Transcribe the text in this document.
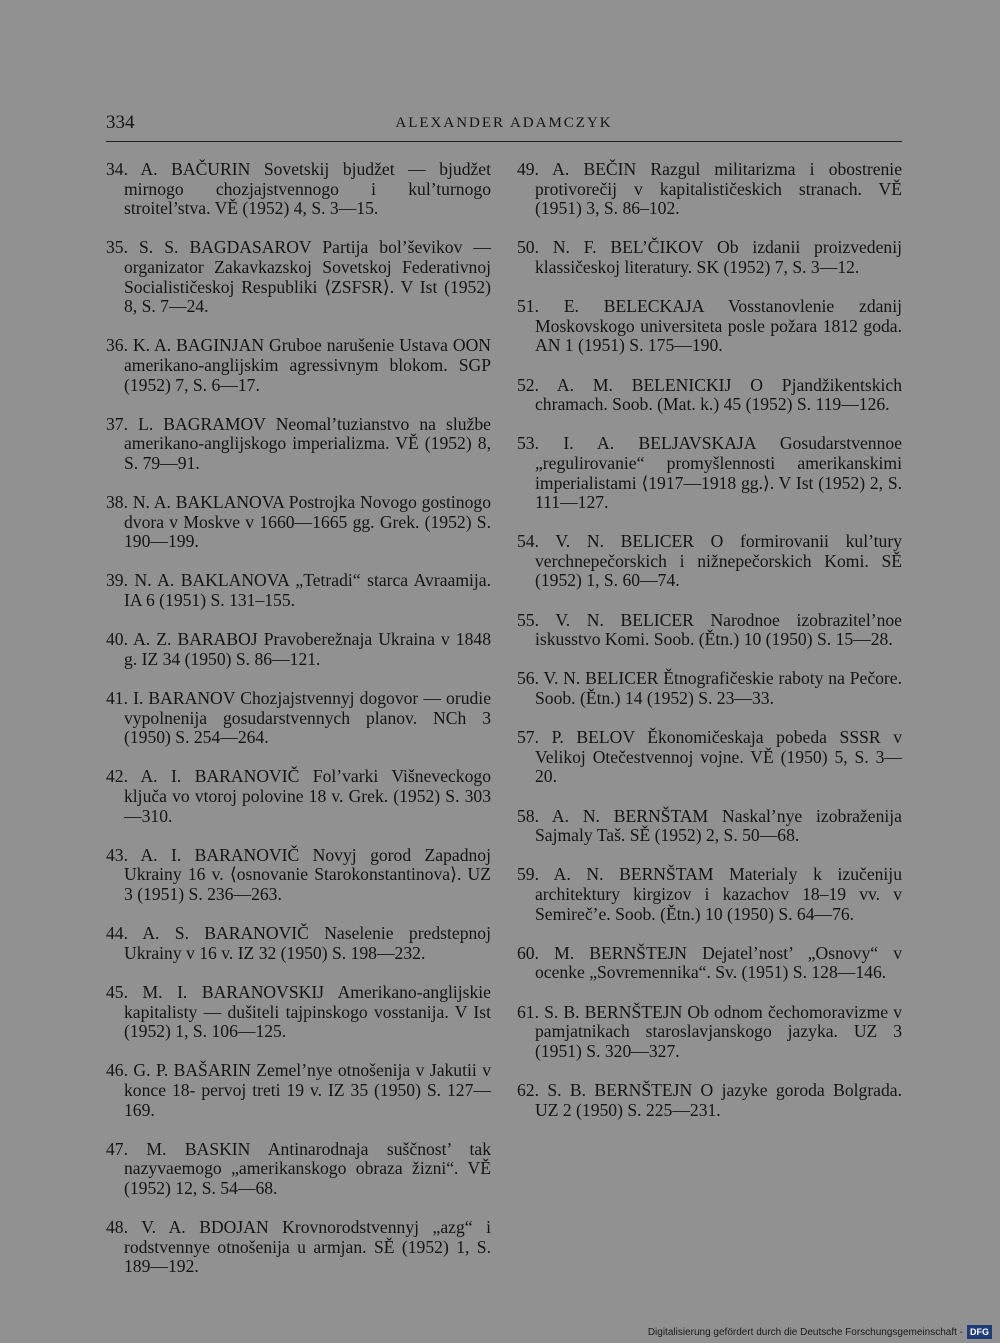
334	ALEXANDER ADAMCZYK

34. A. BAČURIN Sovetskij bjudžet — bjudžet mirnogo chozjajstvennogo i kul’turnogo stroitel’stva. VĚ (1952) 4, S. 3—15.

35. S. S. BAGDASAROV Partija bol’ševikov — organizator Zakavkazskoj Sovetskoj Federativnoj Socialističeskoj Respubliki ⟨ZSFSR⟩. V Ist (1952) 8, S. 7—24.

36. K. A. BAGINJAN Gruboe narušenie Ustava OON amerikano-anglijskim agressivnym blokom. SGP (1952) 7, S. 6—17.

37. L. BAGRAMOV Neomal’tuzianstvo na službe amerikano-anglijskogo imperializma. VĚ (1952) 8, S. 79—91.

38. N. A. BAKLANOVA Postrojka Novogo gostinogo dvora v Moskve v 1660—1665 gg. Grek. (1952) S. 190—199.

39. N. A. BAKLANOVA „Tetradi“ starca Avraamija. IA 6 (1951) S. 131–155.

40. A. Z. BARABOJ Pravoberežnaja Ukraina v 1848 g. IZ 34 (1950) S. 86—121.

41. I. BARANOV Chozjajstvennyj dogovor — orudie vypolnenija gosudarstvennych planov. NCh 3 (1950) S. 254—264.

42. A. I. BARANOVIČ Fol’varki Višneveckogo ključa vo vtoroj polovine 18 v. Grek. (1952) S. 303—310.

43. A. I. BARANOVIČ Novyj gorod Zapadnoj Ukrainy 16 v. ⟨osnovanie Starokonstantinova⟩. UZ 3 (1951) S. 236—263.

44. A. S. BARANOVIČ Naselenie predstepnoj Ukrainy v 16 v. IZ 32 (1950) S. 198—232.

45. M. I. BARANOVSKIJ Amerikano-anglijskie kapitalisty — dušiteli tajpinskogo vosstanija. V Ist (1952) 1, S. 106—125.

46. G. P. BAŠARIN Zemel’nye otnošenija v Jakutii v konce 18- pervoj treti 19 v. IZ 35 (1950) S. 127—169.

47. M. BASKIN Antinarodnaja suščnost’ tak nazyvaemogo „amerikanskogo obraza žizni“. VĚ (1952) 12, S. 54—68.

48. V. A. BDOJAN Krovnorodstvennyj „azg“ i rodstvennye otnošenija u armjan. SĚ (1952) 1, S. 189—192.

49. A. BEČIN Razgul militarizma i obostrenie protivorečij v kapitalističeskich stranach. VĚ (1951) 3, S. 86–102.

50. N. F. BEL’ČIKOV Ob izdanii proizvedenij klassičeskoj literatury. SK (1952) 7, S. 3—12.

51. E. BELECKAJA Vosstanovlenie zdanij Moskovskogo universiteta posle požara 1812 goda. AN 1 (1951) S. 175—190.

52. A. M. BELENICKIJ O Pjandžikentskich chramach. Soob. (Mat. k.) 45 (1952) S. 119—126.

53. I. A. BELJAVSKAJA Gosudarstvennoe „regulirovanie“ promyšlennosti amerikanskimi imperialistami ⟨1917—1918 gg.⟩. V Ist (1952) 2, S. 111—127.

54. V. N. BELICER O formirovanii kul’tury verchnepečorskich i nižnepečorskich Komi. SĚ (1952) 1, S. 60—74.

55. V. N. BELICER Narodnoe izobrazitel’noe iskusstvo Komi. Soob. (Ětn.) 10 (1950) S. 15—28.

56. V. N. BELICER Ětnografičeskie raboty na Pečore. Soob. (Ětn.) 14 (1952) S. 23—33.

57. P. BELOV Ěkonomičeskaja pobeda SSSR v Velikoj Otečestvennoj vojne. VĚ (1950) 5, S. 3—20.

58. A. N. BERNŠTAM Naskal’nye izobraženija Sajmaly Taš. SĚ (1952) 2, S. 50—68.

59. A. N. BERNŠTAM Materialy k izučeniju architektury kirgizov i kazachov 18–19 vv. v Semireč’e. Soob. (Ětn.) 10 (1950) S. 64—76.

60. M. BERNŠTEJN Dejatel’nost’ „Osnovy“ v ocenke „Sovremennika“. Sv. (1951) S. 128—146.

61. S. B. BERNŠTEJN Ob odnom čechomoravizme v pamjatnikach staroslavjanskogo jazyka. UZ 3 (1951) S. 320—327.

62. S. B. BERNŠTEJN O jazyke goroda Bolgrada. UZ 2 (1950) S. 225—231.

Digitalisierung gefördert durch die Deutsche Forschungsgemeinschaft - DFG
